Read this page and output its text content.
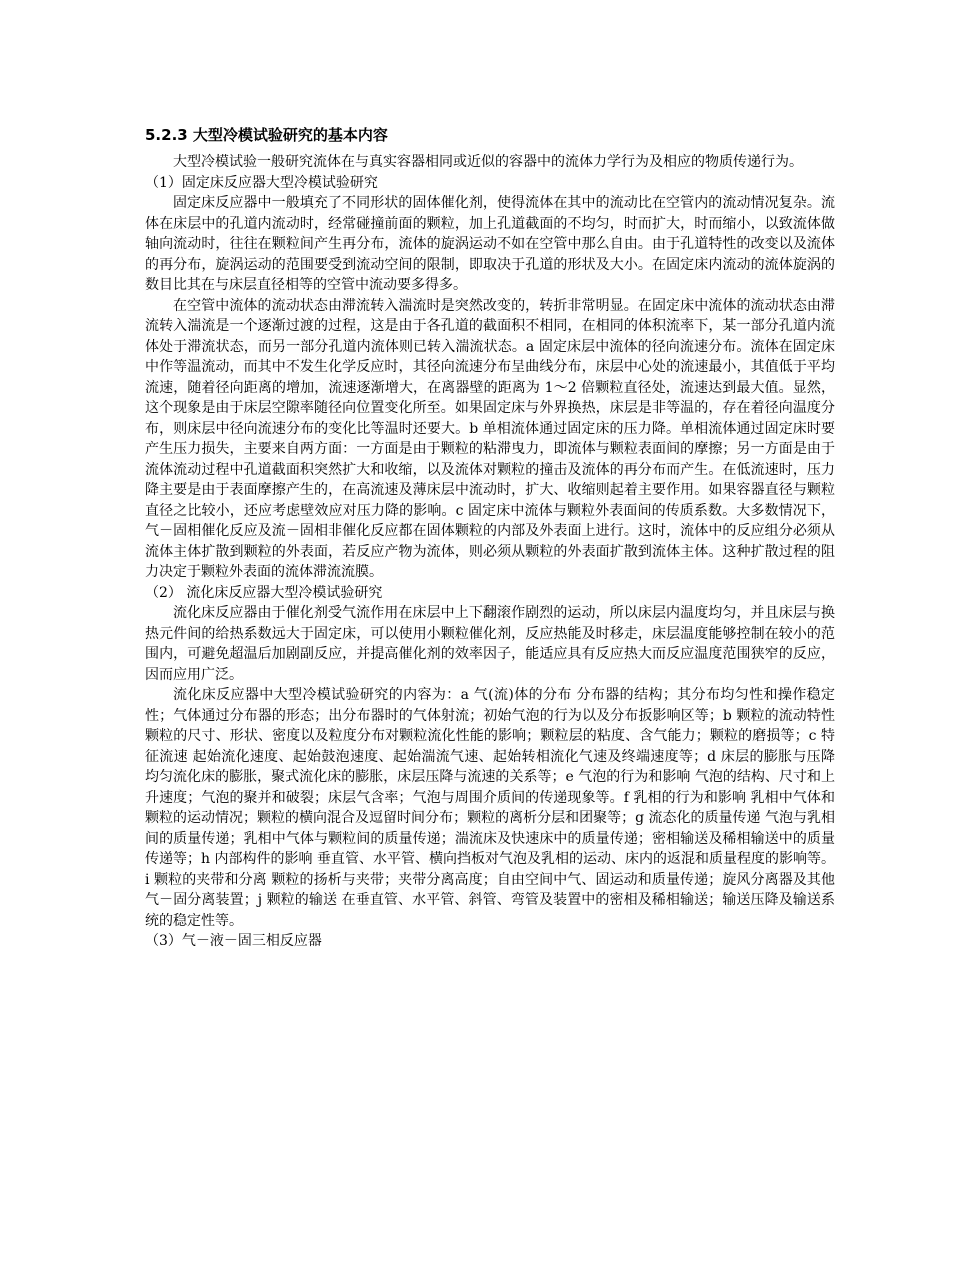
5.2.3 大型冷模试验研究的基本内容

大型冷模试验一般研究流体在与真实容器相同或近似的容器中的流体力学行为及相应的物质传递行为。

（1）固定床反应器大型冷模试验研究

固定床反应器中一般填充了不同形状的固体催化剂，使得流体在其中的流动比在空管内的流动情况复杂。流体在床层中的孔道内流动时，经常碰撞前面的颗粒，加上孔道截面的不均匀，时而扩大，时而缩小，以致流体做轴向流动时，往往在颗粒间产生再分布，流体的旋涡运动不如在空管中那么自由。由于孔道特性的改变以及流体的再分布，旋涡运动的范围要受到流动空间的限制，即取决于孔道的形状及大小。在固定床内流动的流体旋涡的数目比其在与床层直径相等的空管中流动要多得多。

在空管中流体的流动状态由滞流转入湍流时是突然改变的，转折非常明显。在固定床中流体的流动状态由滞流转入湍流是一个逐渐过渡的过程，这是由于各孔道的截面积不相同，在相同的体积流率下，某一部分孔道内流体处于滞流状态，而另一部分孔道内流体则已转入湍流状态。a 固定床层中流体的径向流速分布。流体在固定床中作等温流动，而其中不发生化学反应时，其径向流速分布呈曲线分布，床层中心处的流速最小，其值低于平均流速，随着径向距离的增加，流速逐渐增大，在离器壁的距离为 1～2 倍颗粒直径处，流速达到最大值。显然，这个现象是由于床层空隙率随径向位置变化所至。如果固定床与外界换热，床层是非等温的，存在着径向温度分布，则床层中径向流速分布的变化比等温时还要大。b 单相流体通过固定床的压力降。单相流体通过固定床时要产生压力损失，主要来自两方面：一方面是由于颗粒的粘滞曳力，即流体与颗粒表面间的摩擦；另一方面是由于流体流动过程中孔道截面积突然扩大和收缩，以及流体对颗粒的撞击及流体的再分布而产生。在低流速时，压力降主要是由于表面摩擦产生的，在高流速及薄床层中流动时，扩大、收缩则起着主要作用。如果容器直径与颗粒直径之比较小，还应考虑壁效应对压力降的影响。c 固定床中流体与颗粒外表面间的传质系数。大多数情况下，气－固相催化反应及流－固相非催化反应都在固体颗粒的内部及外表面上进行。这时，流体中的反应组分必须从流体主体扩散到颗粒的外表面，若反应产物为流体，则必须从颗粒的外表面扩散到流体主体。这种扩散过程的阻力决定于颗粒外表面的流体滞流流膜。

（2） 流化床反应器大型冷模试验研究

流化床反应器由于催化剂受气流作用在床层中上下翻滚作剧烈的运动，所以床层内温度均匀，并且床层与换热元件间的给热系数远大于固定床，可以使用小颗粒催化剂，反应热能及时移走，床层温度能够控制在较小的范围内，可避免超温后加剧副反应，并提高催化剂的效率因子，能适应具有反应热大而反应温度范围狭窄的反应，因而应用广泛。

流化床反应器中大型冷模试验研究的内容为：a 气(流)体的分布 分布器的结构；其分布均匀性和操作稳定性；气体通过分布器的形态；出分布器时的气体射流；初始气泡的行为以及分布扳影响区等；b 颗粒的流动特性 颗粒的尺寸、形状、密度以及粒度分布对颗粒流化性能的影响；颗粒层的粘度、含气能力；颗粒的磨损等；c 特征流速 起始流化速度、起始鼓泡速度、起始湍流气速、起始转相流化气速及终端速度等；d 床层的膨胀与压降 均匀流化床的膨胀，聚式流化床的膨胀，床层压降与流速的关系等；e 气泡的行为和影响 气泡的结构、尺寸和上升速度；气泡的聚并和破裂；床层气含率；气泡与周围介质间的传递现象等。f 乳相的行为和影响 乳相中气体和颗粒的运动情况；颗粒的横向混合及逗留时间分布；颗粒的离析分层和团聚等；g 流态化的质量传递 气泡与乳相间的质量传递；乳相中气体与颗粒间的质量传递；湍流床及快速床中的质量传递；密相输送及稀相输送中的质量传递等；h 内部构件的影响 垂直管、水平管、横向挡板对气泡及乳相的运动、床内的返混和质量程度的影响等。i 颗粒的夹带和分离 颗粒的扬析与夹带；夹带分离高度；自由空间中气、固运动和质量传递；旋风分离器及其他气－固分离装置；j 颗粒的输送 在垂直管、水平管、斜管、弯管及装置中的密相及稀相输送；输送压降及输送系统的稳定性等。

（3）气－液－固三相反应器
